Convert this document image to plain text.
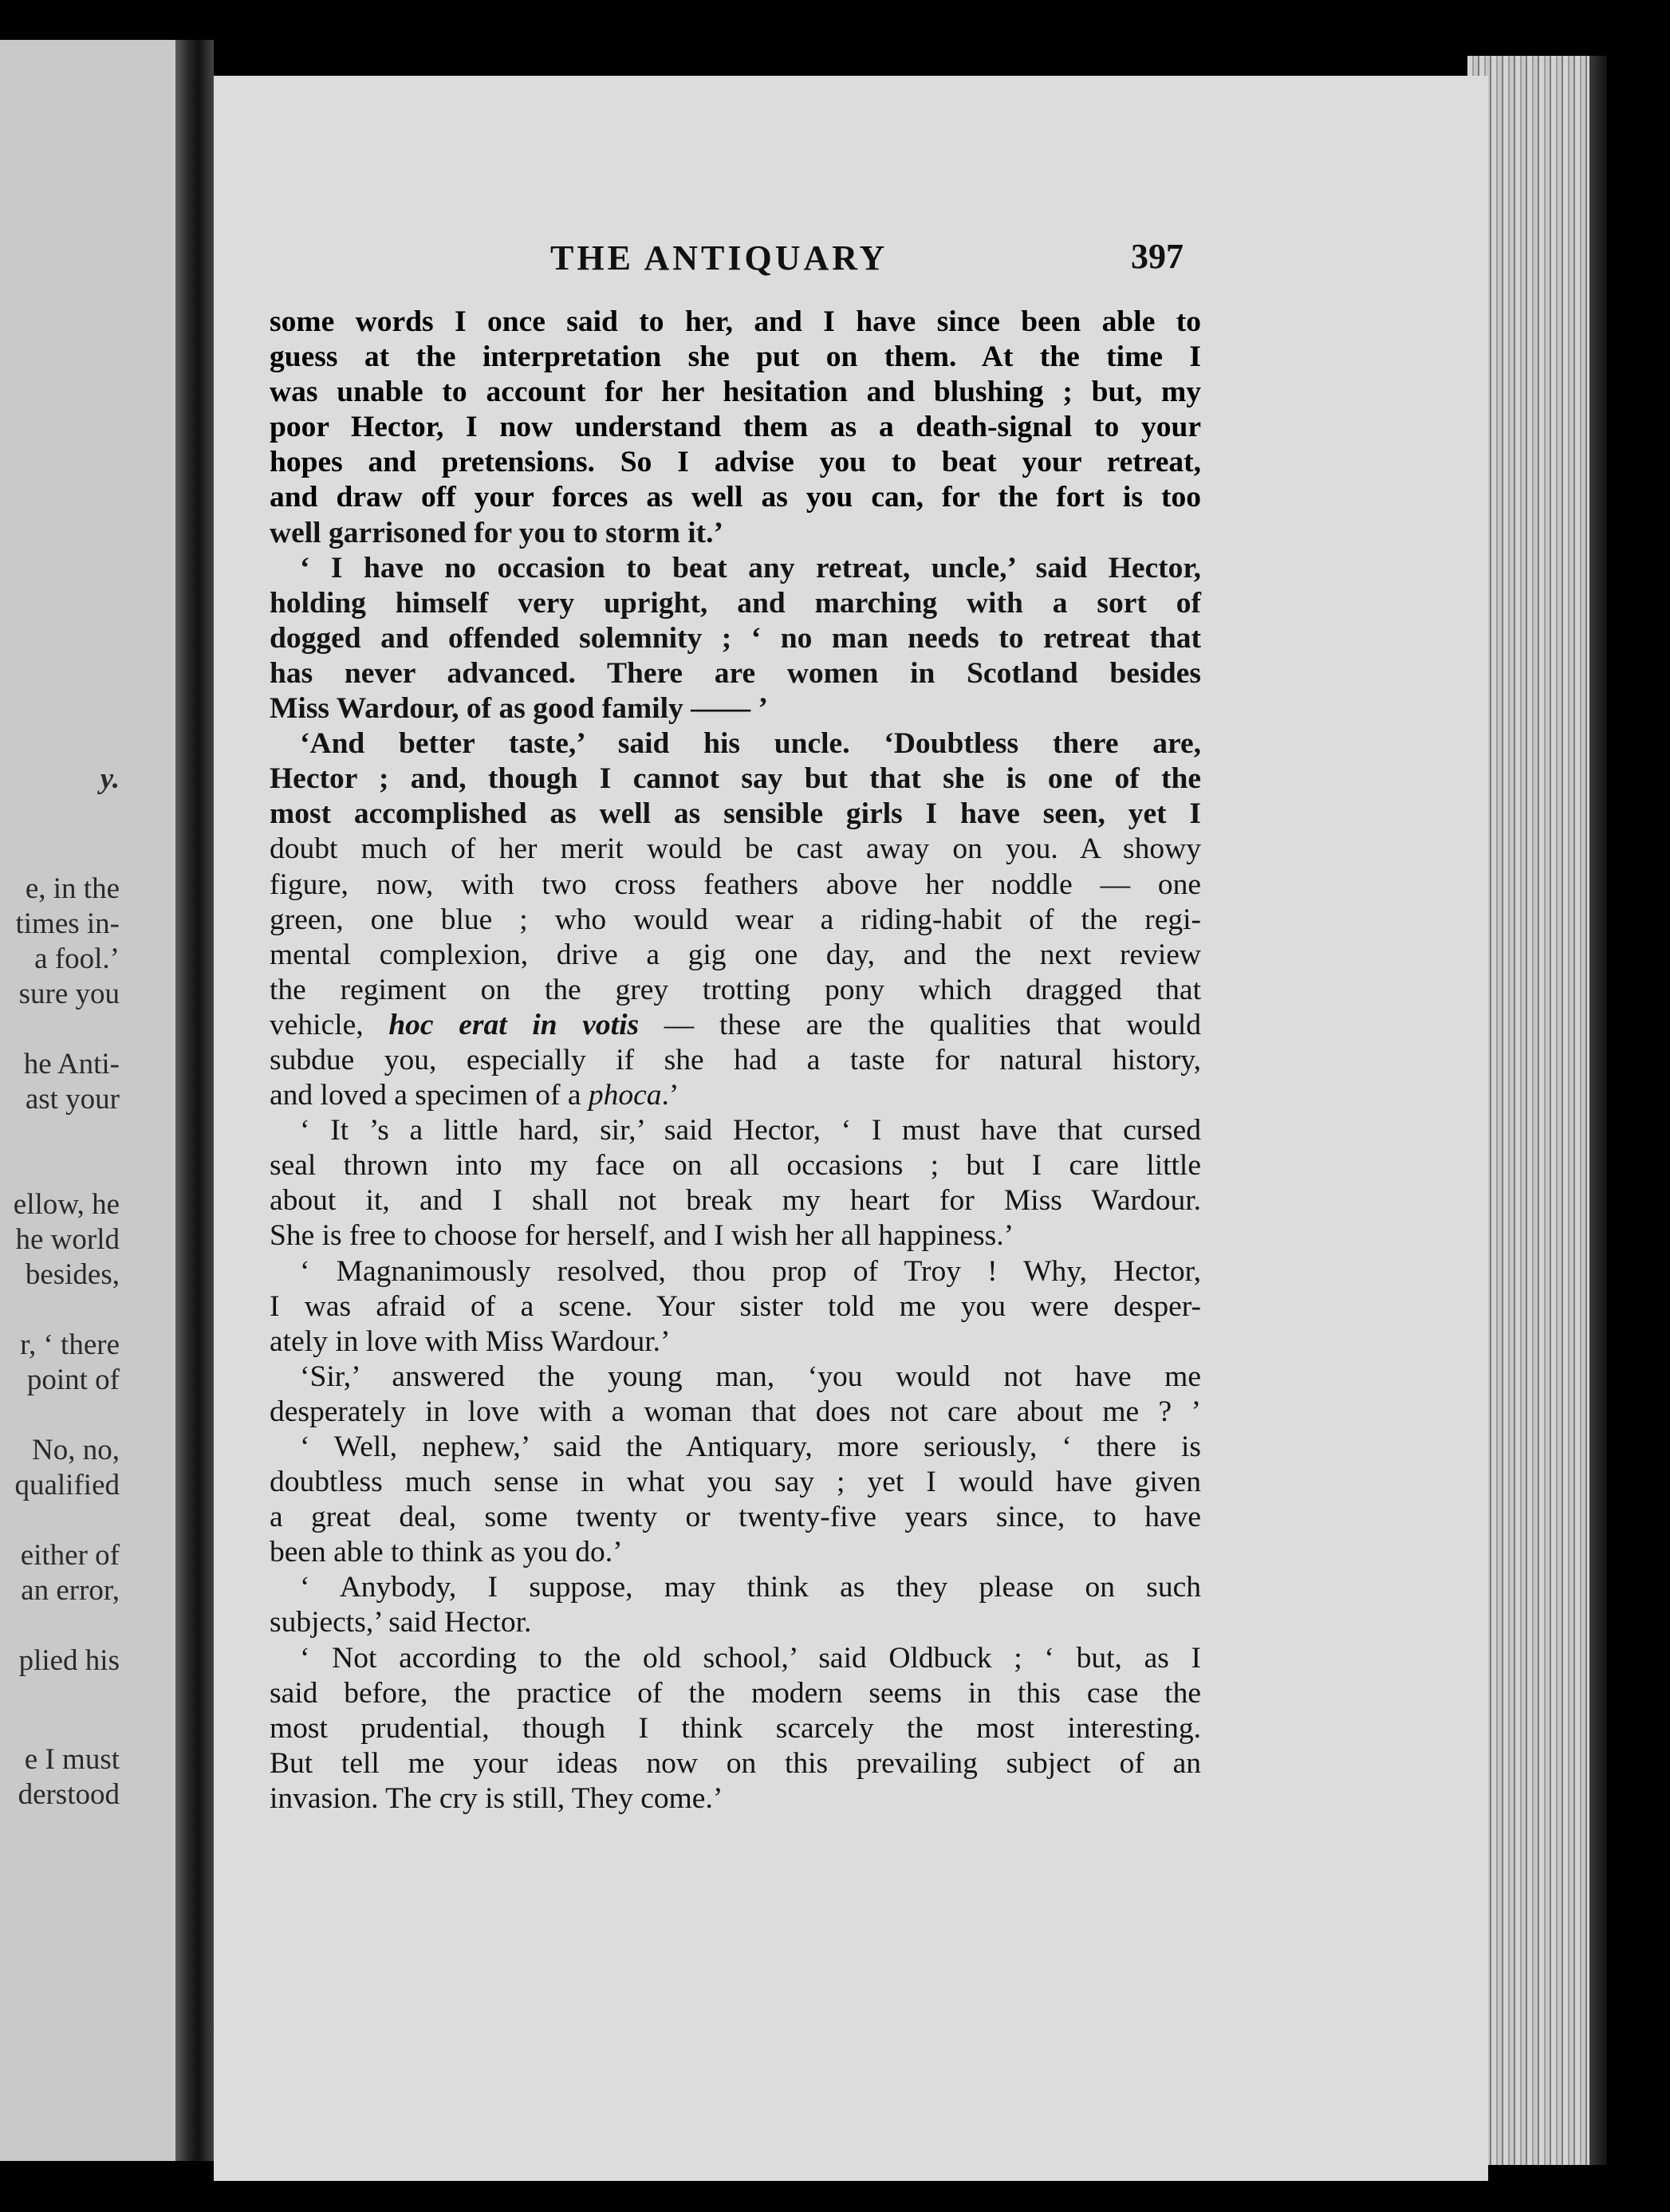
y.
e, in the
times in-
a fool.’
sure you
he Anti-
ast your
ellow, he
he world
besides,
r, ‘ there
point of
No, no,
qualified
either of
an error,
plied his
e I must
derstood
THE ANTIQUARY	397
some words I once said to her, and I have since been able to
guess at the interpretation she put on them. At the time I
was unable to account for her hesitation and blushing ; but, my
poor Hector, I now understand them as a death-signal to your
hopes and pretensions. So I advise you to beat your retreat,
and draw off your forces as well as you can, for the fort is too
well garrisoned for you to storm it.’
‘ I have no occasion to beat any retreat, uncle,’ said Hector,
holding himself very upright, and marching with a sort of
dogged and offended solemnity ; ‘ no man needs to retreat that
has never advanced. There are women in Scotland besides
Miss Wardour, of as good family —— ’
‘And better taste,’ said his uncle. ‘Doubtless there are,
Hector ; and, though I cannot say but that she is one of the
most accomplished as well as sensible girls I have seen, yet I
doubt much of her merit would be cast away on you. A showy
figure, now, with two cross feathers above her noddle — one
green, one blue ; who would wear a riding-habit of the regi-
mental complexion, drive a gig one day, and the next review
the regiment on the grey trotting pony which dragged that
vehicle, hoc erat in votis — these are the qualities that would
subdue you, especially if she had a taste for natural history,
and loved a specimen of a phoca.’
‘ It ’s a little hard, sir,’ said Hector, ‘ I must have that cursed
seal thrown into my face on all occasions ; but I care little
about it, and I shall not break my heart for Miss Wardour.
She is free to choose for herself, and I wish her all happiness.’
‘ Magnanimously resolved, thou prop of Troy ! Why, Hector,
I was afraid of a scene. Your sister told me you were desper-
ately in love with Miss Wardour.’
‘Sir,’ answered the young man, ‘you would not have me
desperately in love with a woman that does not care about me ? ’
‘ Well, nephew,’ said the Antiquary, more seriously, ‘ there is
doubtless much sense in what you say ; yet I would have given
a great deal, some twenty or twenty-five years since, to have
been able to think as you do.’
‘ Anybody, I suppose, may think as they please on such
subjects,’ said Hector.
‘ Not according to the old school,’ said Oldbuck ; ‘ but, as I
said before, the practice of the modern seems in this case the
most prudential, though I think scarcely the most interesting.
But tell me your ideas now on this prevailing subject of an
invasion. The cry is still, They come.’
